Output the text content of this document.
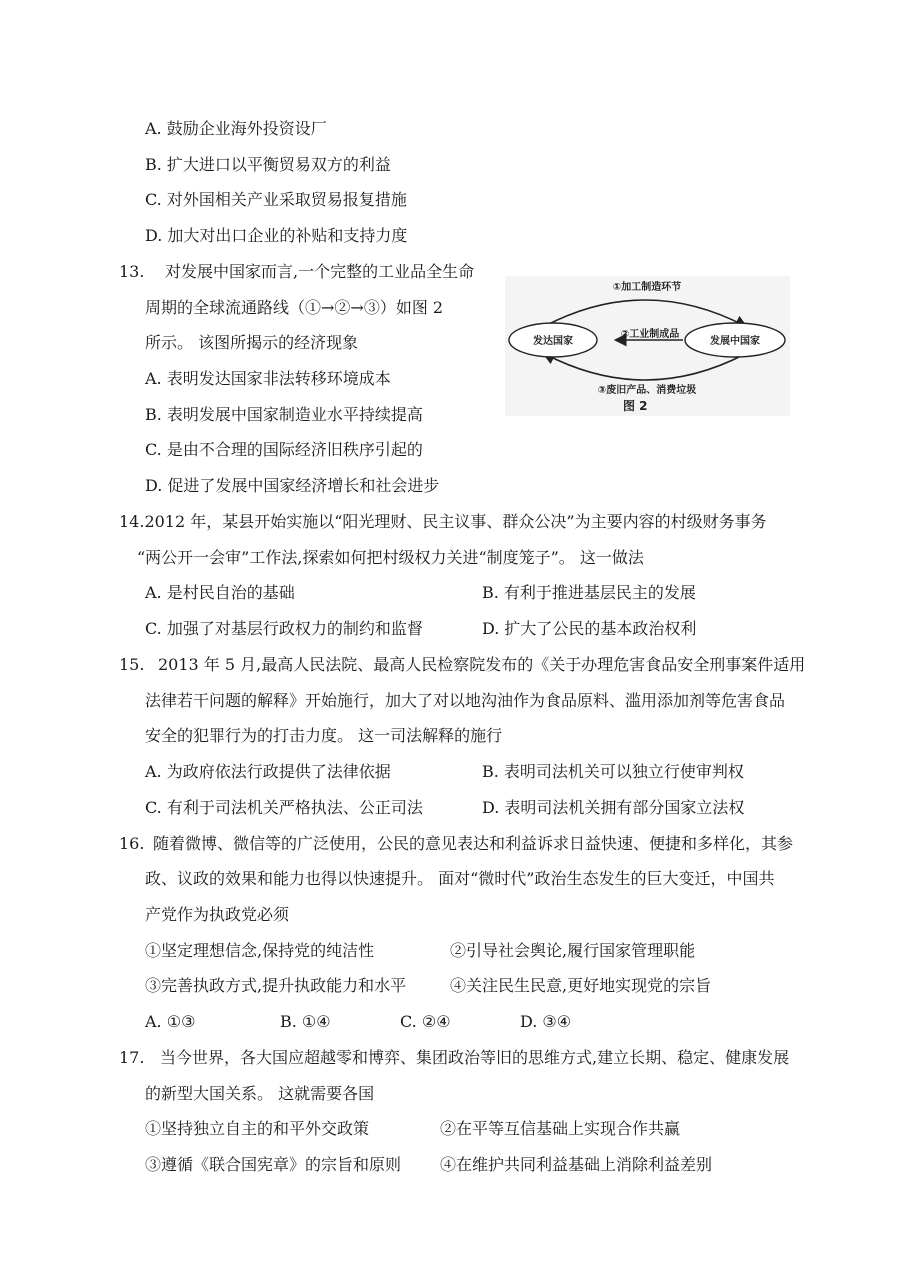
A. 鼓励企业海外投资设厂
B. 扩大进口以平衡贸易双方的利益
C. 对外国相关产业采取贸易报复措施
D. 加大对出口企业的补贴和支持力度
13. 对发展中国家而言,一个完整的工业品全生命
周期的全球流通路线（①→②→③）如图 2
所示。 该图所揭示的经济现象
A. 表明发达国家非法转移环境成本
B. 表明发展中国家制造业水平持续提高
C. 是由不合理的国际经济旧秩序引起的
D. 促进了发展中国家经济增长和社会进步
①加工制造环节
②工业制成品
③废旧产品、消费垃圾
发达国家	发展中国家
图 2
14.2012 年，某县开始实施以“阳光理财、民主议事、群众公决”为主要内容的村级财务事务
“两公开一会审”工作法,探索如何把村级权力关进“制度笼子”。 这一做法
A. 是村民自治的基础	B. 有利于推进基层民主的发展
C. 加强了对基层行政权力的制约和监督	D. 扩大了公民的基本政治权利
15. 2013 年 5 月,最高人民法院、最高人民检察院发布的《关于办理危害食品安全刑事案件适用
法律若干问题的解释》开始施行，加大了对以地沟油作为食品原料、滥用添加剂等危害食品
安全的犯罪行为的打击力度。 这一司法解释的施行
A. 为政府依法行政提供了法律依据	B. 表明司法机关可以独立行使审判权
C. 有利于司法机关严格执法、公正司法	D. 表明司法机关拥有部分国家立法权
16. 随着微博、微信等的广泛使用，公民的意见表达和利益诉求日益快速、便捷和多样化，其参
政、议政的效果和能力也得以快速提升。 面对“微时代”政治生态发生的巨大变迁，中国共
产党作为执政党必须
①坚定理想信念,保持党的纯洁性	②引导社会舆论,履行国家管理职能
③完善执政方式,提升执政能力和水平	④关注民生民意,更好地实现党的宗旨
A. ①③	B. ①④	C. ②④	D. ③④
17. 当今世界，各大国应超越零和博弈、集团政治等旧的思维方式,建立长期、稳定、健康发展
的新型大国关系。 这就需要各国
①坚持独立自主的和平外交政策	②在平等互信基础上实现合作共赢
③遵循《联合国宪章》的宗旨和原则 ④在维护共同利益基础上消除利益差别
